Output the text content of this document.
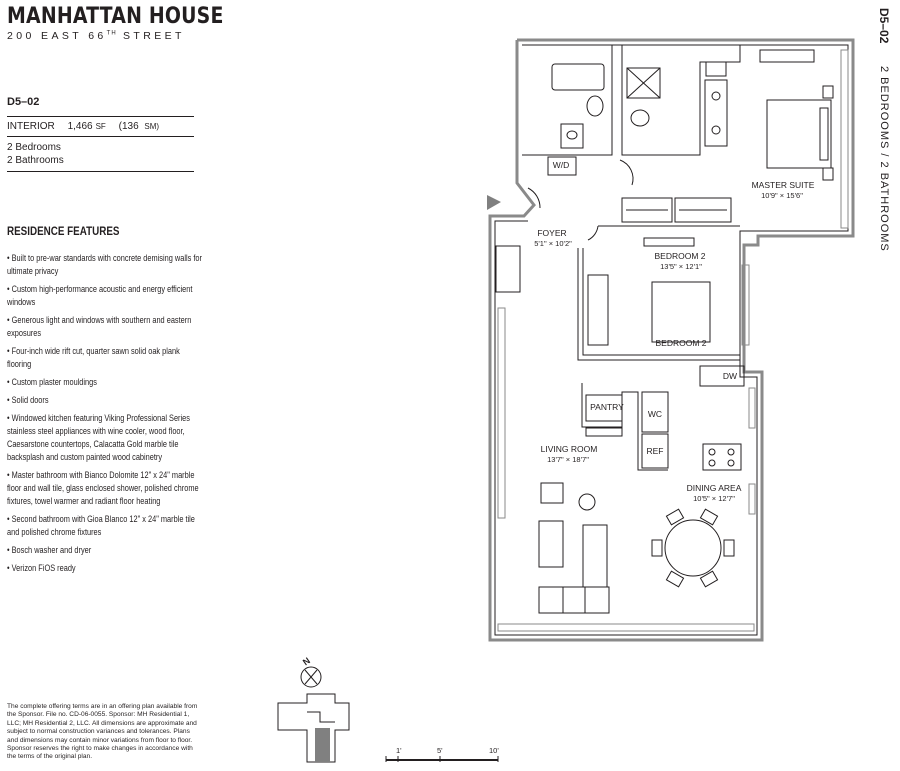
MANHATTAN HOUSE
200 EAST 66TH STREET
D5–02
INTERIOR 1,466 SF (136 SM)
2 Bedrooms
2 Bathrooms
RESIDENCE FEATURES
• Built to pre-war standards with concrete demising walls for ultimate privacy
• Custom high-performance acoustic and energy efficient windows
• Generous light and windows with southern and eastern exposures
• Four-inch wide rift cut, quarter sawn solid oak plank flooring
• Custom plaster mouldings
• Solid doors
• Windowed kitchen featuring Viking Professional Series stainless steel appliances with wine cooler, wood floor, Caesarstone countertops, Calacatta Gold marble tile backsplash and custom painted wood cabinetry
• Master bathroom with Bianco Dolomite 12" x 24" marble floor and wall tile, glass enclosed shower, polished chrome fixtures, towel warmer and radiant floor heating
• Second bathroom with Gioa Blanco 12" x 24" marble tile and polished chrome fixtures
• Bosch washer and dryer
• Verizon FiOS ready

The complete offering terms are in an offering plan available from the Sponsor. File no. CD-06-0055. Sponsor: MH Residential 1, LLC; MH Residential 2, LLC. All dimensions are approximate and subject to normal construction variances and tolerances. Plans and dimensions may contain minor variations from floor to floor. Sponsor reserves the right to make changes in accordance with the terms of the original plan.

D5–02
2 BEDROOMS / 2 BATHROOMS
MASTER SUITE
10'9" × 15'6"
FOYER
5'1" × 10'2"
BEDROOM 2
13'5" × 12'1"
BEDROOM 2
LIVING ROOM
13'7" × 18'7"
DINING AREA
10'5" × 12'7"
W/D
PANTRY
WC
REF
DW
N
1'	5'	10'
